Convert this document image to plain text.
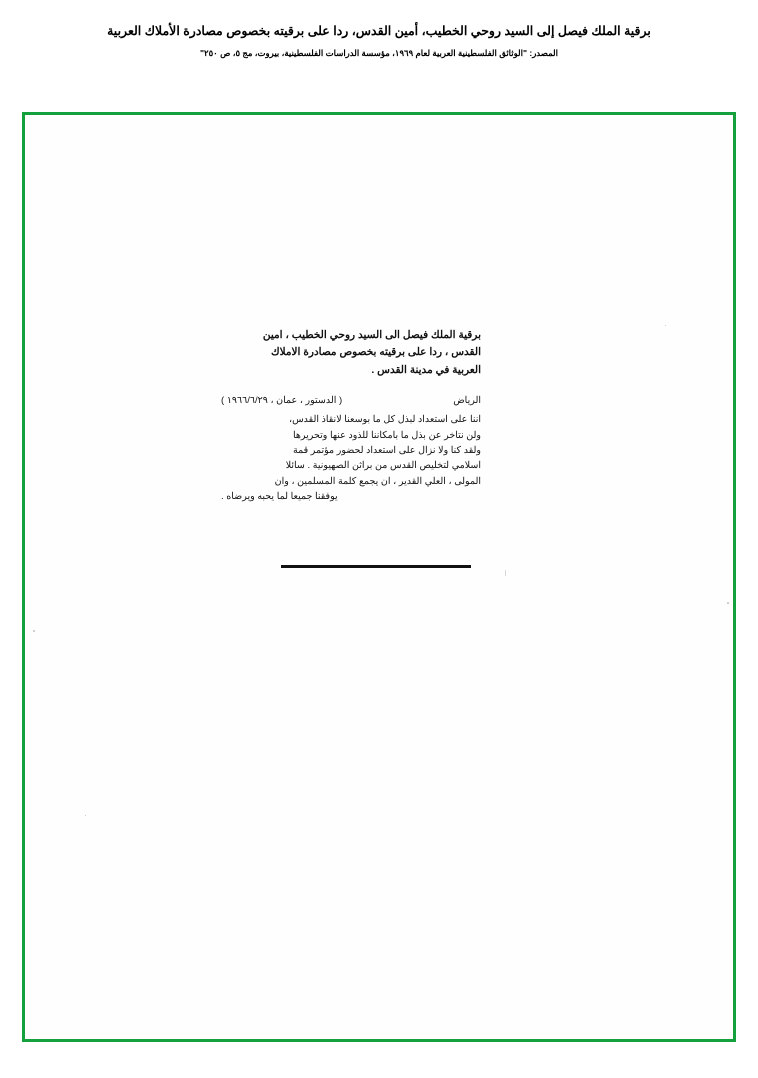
برقية الملك فيصل إلى السيد روحي الخطيب، أمين القدس، ردا على برقيته بخصوص مصادرة الأملاك العربية
المصدر: "الوثائق الفلسطينية العربية لعام ١٩٦٩، مؤسسة الدراسات الفلسطينية، بيروت، مج ٥، ص ٢٥٠"
برقية الملك فيصل الى السيد روحي الخطيب ، امين
القدس ، ردا على برقيته بخصوص مصادرة الاملاك
العربية في مدينة القدس .
الرياض
( الدستور ، عمان ، ١٩٦٦/٦/٢٩ )
اننا على استعداد لبذل كل ما بوسعنا لانقاذ القدس،
ولن نتاخر عن بذل ما بامكاننا للذود عنها وتحريرها
ولقد كنا ولا نزال على استعداد لحضور مؤتمر قمة
اسلامي لتخليص القدس من براثن الصهيونية . سائلا
المولى ، العلي القدير ، ان يجمع كلمة المسلمين ، وان
يوفقنا جميعا لما يحبه ويرضاه .
